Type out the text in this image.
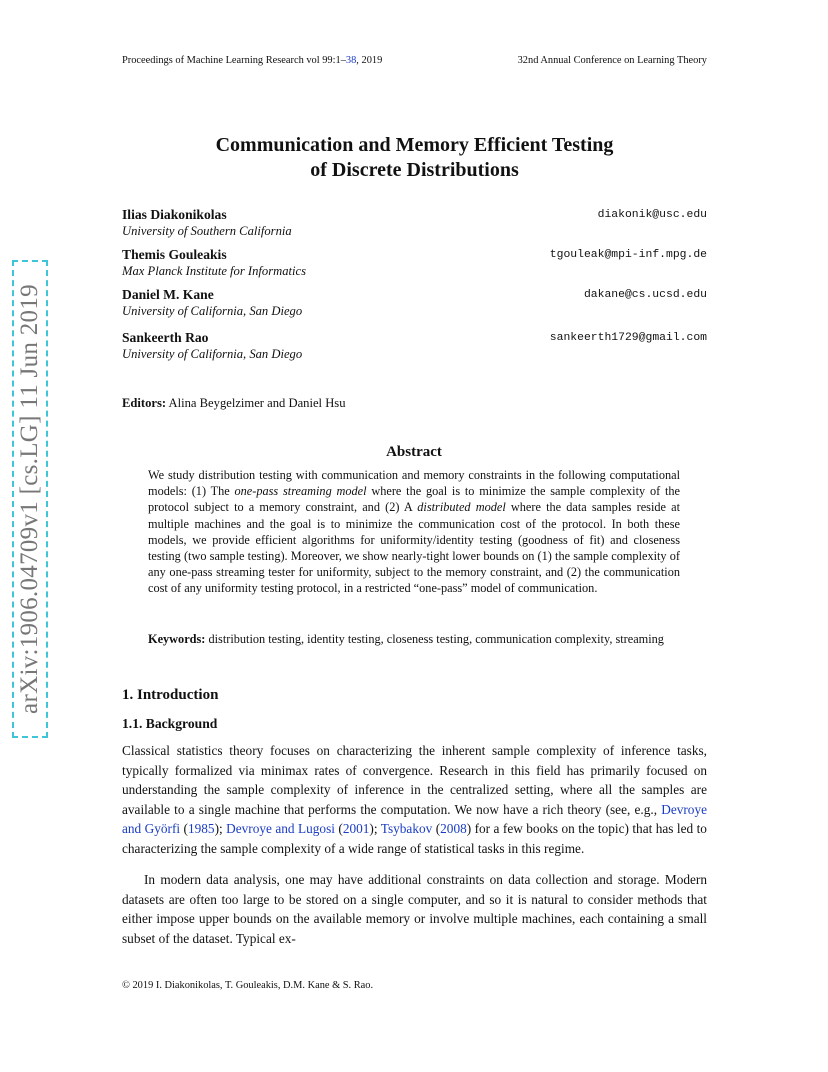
Proceedings of Machine Learning Research vol 99:1–38, 2019	32nd Annual Conference on Learning Theory
arXiv:1906.04709v1 [cs.LG] 11 Jun 2019
Communication and Memory Efficient Testing
of Discrete Distributions
Ilias Diakonikolas
University of Southern California
diakonik@usc.edu
Themis Gouleakis
Max Planck Institute for Informatics
tgouleak@mpi-inf.mpg.de
Daniel M. Kane
University of California, San Diego
dakane@cs.ucsd.edu
Sankeerth Rao
University of California, San Diego
sankeerth1729@gmail.com
Editors: Alina Beygelzimer and Daniel Hsu
Abstract
We study distribution testing with communication and memory constraints in the following computational models: (1) The one-pass streaming model where the goal is to minimize the sample complexity of the protocol subject to a memory constraint, and (2) A distributed model where the data samples reside at multiple machines and the goal is to minimize the communication cost of the protocol. In both these models, we provide efficient algorithms for uniformity/identity testing (goodness of fit) and closeness testing (two sample testing). Moreover, we show nearly-tight lower bounds on (1) the sample complexity of any one-pass streaming tester for uniformity, subject to the memory constraint, and (2) the communication cost of any uniformity testing protocol, in a restricted “one-pass” model of communication.
Keywords: distribution testing, identity testing, closeness testing, communication complexity, streaming
1. Introduction
1.1. Background
Classical statistics theory focuses on characterizing the inherent sample complexity of inference tasks, typically formalized via minimax rates of convergence. Research in this field has primarily focused on understanding the sample complexity of inference in the centralized setting, where all the samples are available to a single machine that performs the computation. We now have a rich theory (see, e.g., Devroye and Györfi (1985); Devroye and Lugosi (2001); Tsybakov (2008) for a few books on the topic) that has led to characterizing the sample complexity of a wide range of statistical tasks in this regime.
In modern data analysis, one may have additional constraints on data collection and storage. Modern datasets are often too large to be stored on a single computer, and so it is natural to consider methods that either impose upper bounds on the available memory or involve multiple machines, each containing a small subset of the dataset. Typical ex-
© 2019 I. Diakonikolas, T. Gouleakis, D.M. Kane & S. Rao.
